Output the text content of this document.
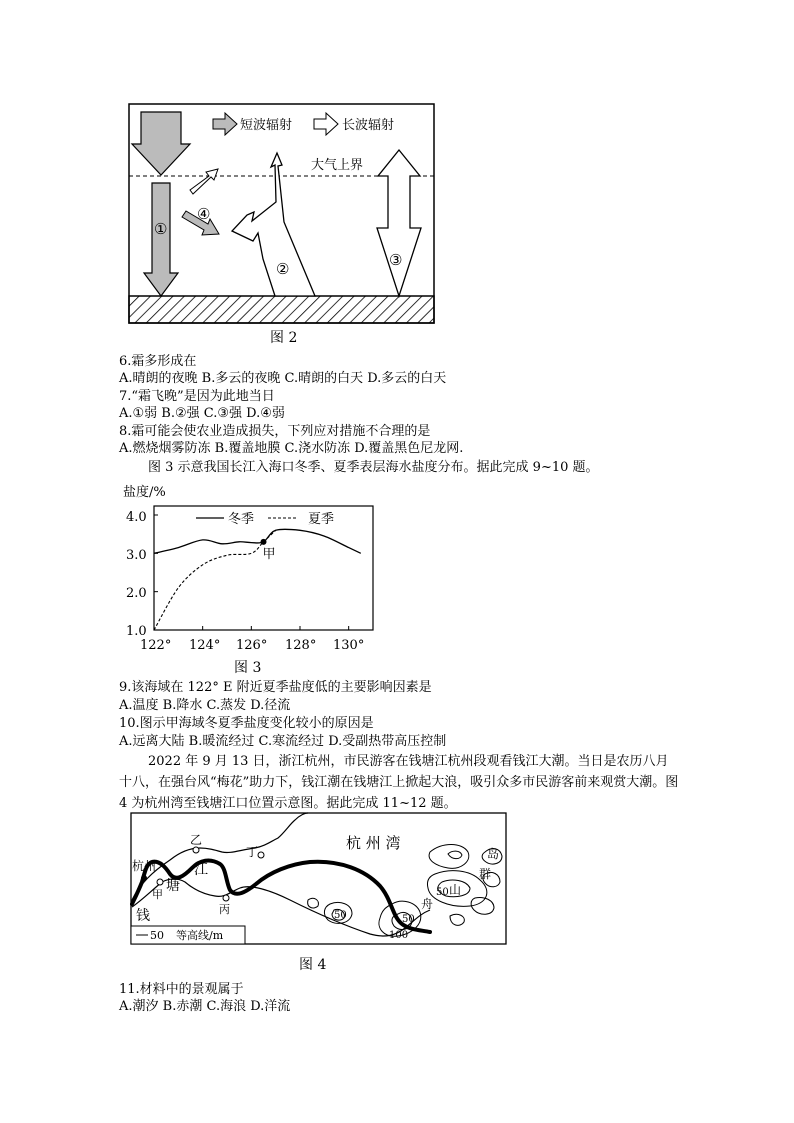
大气上界
短波辐射	长波辐射
①
④
②	③
图 2
6.霜多形成在
A.晴朗的夜晚 B.多云的夜晚 C.晴朗的白天 D.多云的白天
7.“霜飞晚”是因为此地当日
A.①弱 B.②强 C.③强 D.④弱
8.霜可能会使农业造成损失，下列应对措施不合理的是
A.燃烧烟雾防冻 B.覆盖地膜 C.浇水防冻 D.覆盖黑色尼龙网.
图 3 示意我国长江入海口冬季、夏季表层海水盐度分布。据此完成 9~10 题。
盐度/%
冬季	夏季
4.0
3.0
2.0
1.0
122° 124° 126° 128° 130°
甲
图 3
9.该海域在 122° E 附近夏季盐度低的主要影响因素是
A.温度 B.降水 C.蒸发 D.径流
10.图示甲海域冬夏季盐度变化较小的原因是
A.远离大陆 B.暖流经过 C.寒流经过 D.受副热带高压控制
2022 年 9 月 13 日，浙江杭州，市民游客在钱塘江杭州段观看钱江大潮。当日是农历八月十八，在强台风“梅花”助力下，钱江潮在钱塘江上掀起大浪，吸引众多市民游客前来观赏大潮。图 4 为杭州湾至钱塘江口位置示意图。据此完成 11~12 题。
杭州
乙
丁
甲
丙
江
塘
钱
杭 州 湾
岛
群
山
舟
50
50	50
100
50 等高线/m
图 4
11.材料中的景观属于
A.潮汐 B.赤潮 C.海浪 D.洋流
